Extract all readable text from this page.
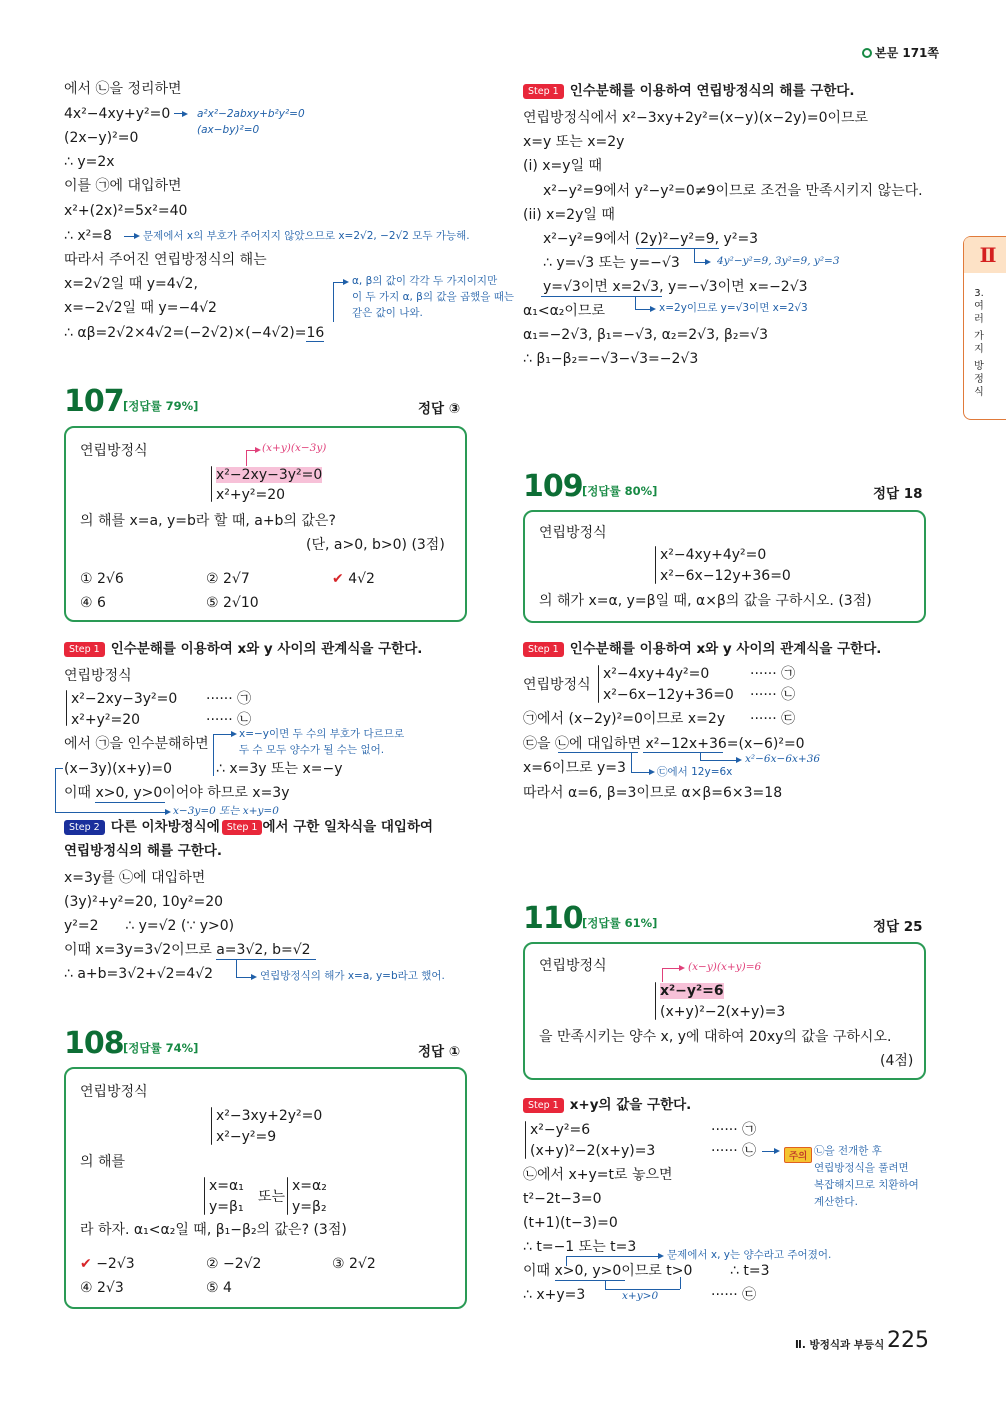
본문 171쪽
Ⅱ
3.
여
러
가
지
방
정
식
에서 ㉡을 정리하면
4x²−4xy+y²=0	a²x²−2abxy+b²y²=0
(ax−by)²=0
(2x−y)²=0
∴ y=2x
이를 ㉠에 대입하면
x²+(2x)²=5x²=40
∴ x²=8	문제에서 x의 부호가 주어지지 않았으므로 x=2√2, −2√2 모두 가능해.
따라서 주어진 연립방정식의 해는
x=2√2일 때 y=4√2,
x=−2√2일 때 y=−4√2
∴ αβ=2√2×4√2=(−2√2)×(−4√2)=16
α, β의 값이 각각 두 가지이지만
이 두 가지 α, β의 값을 곱했을 때는
같은 값이 나와.
Step 1 인수분해를 이용하여 연립방정식의 해를 구한다.
연립방정식에서 x²−3xy+2y²=(x−y)(x−2y)=0이므로
x=y 또는 x=2y
(i) x=y일 때
x²−y²=9에서 y²−y²=0≠9이므로 조건을 만족시키지 않는다.
(ii) x=2y일 때
x²−y²=9에서 (2y)²−y²=9, y²=3
∴ y=√3 또는 y=−√3	4y²−y²=9, 3y²=9, y²=3
y=√3이면 x=2√3, y=−√3이면 x=−2√3
x=2y이므로 y=√3이면 x=2√3
α₁<α₂이므로
α₁=−2√3, β₁=−√3, α₂=2√3, β₂=√3
∴ β₁−β₂=−√3−√3=−2√3
107 [정답률 79%]	정답 ③
연립방정식	(x+y)(x−3y)
x²−2xy−3y²=0
x²+y²=20
의 해를 x=a, y=b라 할 때, a+b의 값은?
(단, a>0, b>0) (3점)
① 2√6	② 2√7	✔ 4√2
④ 6	⑤ 2√10
Step 1 인수분해를 이용하여 x와 y 사이의 관계식을 구한다.
연립방정식
x²−2xy−3y²=0 ······ ㉠
x²+y²=20	······ ㉡
에서 ㉠을 인수분해하면
x=−y이면 두 수의 부호가 다르므로
두 수 모두 양수가 될 수는 없어.
x−3y=0 또는 x+y=0
(x−3y)(x+y)=0	∴ x=3y 또는 x=−y
이때 x>0, y>0이어야 하므로 x=3y
Step 2 다른 이차방정식에 Step 1 에서 구한 일차식을 대입하여
연립방정식의 해를 구한다.
x=3y를 ㉡에 대입하면
(3y)²+y²=20, 10y²=20
y²=2      ∴ y=√2 (∵ y>0)
이때 x=3y=3√2이므로 a=3√2, b=√2
∴ a+b=3√2+√2=4√2	연립방정식의 해가 x=a, y=b라고 했어.
108 [정답률 74%]	정답 ①
연립방정식
x²−3xy+2y²=0
x²−y²=9
의 해를
x=α₁
y=β₁
또는
x=α₂
y=β₂
라 하자. α₁<α₂일 때, β₁−β₂의 값은? (3점)
✔ −2√3	② −2√2	③ 2√2
④ 2√3	⑤ 4
109 [정답률 80%]	정답 18
연립방정식
x²−4xy+4y²=0
x²−6x−12y+36=0
의 해가 x=α, y=β일 때, α×β의 값을 구하시오. (3점)
Step 1 인수분해를 이용하여 x와 y 사이의 관계식을 구한다.
연립방정식
x²−4xy+4y²=0	······ ㉠
x²−6x−12y+36=0 ······ ㉡
㉠에서 (x−2y)²=0이므로 x=2y ······ ㉢
㉢을 ㉡에 대입하면 x²−12x+36=(x−6)²=0
x²−6x−6x+36
x=6이므로 y=3	㉢에서 12y=6x
따라서 α=6, β=3이므로 α×β=6×3=18
110 [정답률 61%]	정답 25
연립방정식	(x−y)(x+y)=6
x²−y²=6
(x+y)²−2(x+y)=3
을 만족시키는 양수 x, y에 대하여 20xy의 값을 구하시오.
(4점)
Step 1 x+y의 값을 구한다.
x²−y²=6	······ ㉠
(x+y)²−2(x+y)=3	······ ㉡	주의 ㉡을 전개한 후
연립방정식을 풀려면
복잡해지므로 치환하여
계산한다.
㉡에서 x+y=t로 놓으면
t²−2t−3=0
(t+1)(t−3)=0
∴ t=−1 또는 t=3	문제에서 x, y는 양수라고 주어졌어.
이때 x>0, y>0이므로 t>0	∴ t=3
x+y>0
∴ x+y=3	······ ㉢
Ⅱ. 방정식과 부등식 225
